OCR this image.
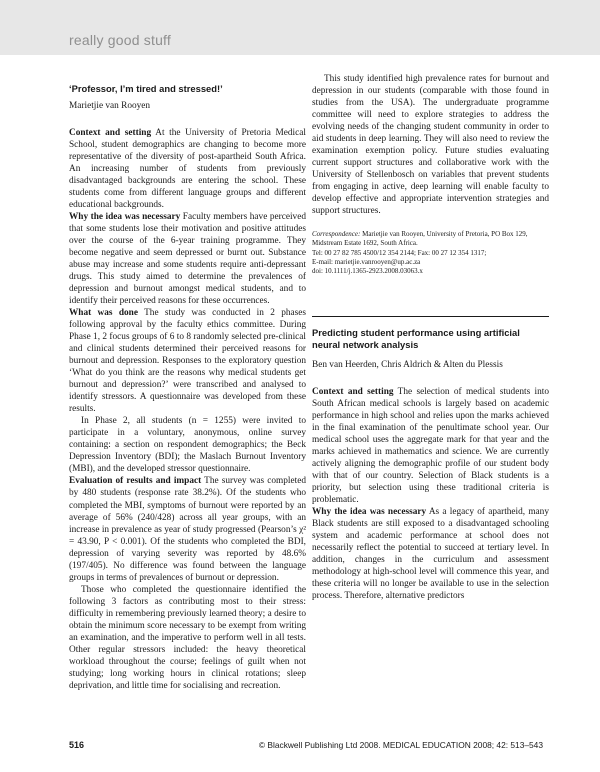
really good stuff
‘Professor, I’m tired and stressed!’
Marietjie van Rooyen

Context and setting At the University of Pretoria Medical School, student demographics are changing to become more representative of the diversity of post-apartheid South Africa. An increasing number of students from previously disadvantaged backgrounds are entering the school. These students come from different language groups and different educational backgrounds.

Why the idea was necessary Faculty members have perceived that some students lose their motivation and positive attitudes over the course of the 6-year training programme. They become negative and seem depressed or burnt out. Substance abuse may increase and some students require anti-depressant drugs. This study aimed to determine the prevalences of depression and burnout amongst medical students, and to identify their perceived reasons for these occurrences.

What was done The study was conducted in 2 phases following approval by the faculty ethics committee. During Phase 1, 2 focus groups of 6 to 8 randomly selected pre-clinical and clinical students determined their perceived reasons for burnout and depression. Responses to the exploratory question ‘What do you think are the reasons why medical students get burnout and depression?’ were transcribed and analysed to identify stressors. A questionnaire was developed from these results.

In Phase 2, all students (n = 1255) were invited to participate in a voluntary, anonymous, online survey containing: a section on respondent demographics; the Beck Depression Inventory (BDI); the Maslach Burnout Inventory (MBI), and the developed stressor questionnaire.

Evaluation of results and impact The survey was completed by 480 students (response rate 38.2%). Of the students who completed the MBI, symptoms of burnout were reported by an average of 56% (240/428) across all year groups, with an increase in prevalence as year of study progressed (Pearson’s χ² = 43.90, P < 0.001). Of the students who completed the BDI, depression of varying severity was reported by 48.6% (197/405). No difference was found between the language groups in terms of prevalences of burnout or depression.

Those who completed the questionnaire identified the following 3 factors as contributing most to their stress: difficulty in remembering previously learned theory; a desire to obtain the minimum score necessary to be exempt from writing an examination, and the imperative to perform well in all tests. Other regular stressors included: the heavy theoretical workload throughout the course; feelings of guilt when not studying; long working hours in clinical rotations; sleep deprivation, and little time for socialising and recreation.

This study identified high prevalence rates for burnout and depression in our students (comparable with those found in studies from the USA). The undergraduate programme committee will need to explore strategies to address the evolving needs of the changing student community in order to aid students in deep learning. They will also need to review the examination exemption policy. Future studies evaluating current support structures and collaborative work with the University of Stellenbosch on variables that prevent students from engaging in active, deep learning will enable faculty to develop effective and appropriate intervention strategies and support structures.

Correspondence: Marietjie van Rooyen, University of Pretoria, PO Box 129, Midstream Estate 1692, South Africa.
Tel: 00 27 82 785 4500/12 354 2144; Fax: 00 27 12 354 1317;
E-mail: marietjie.vanrooyen@up.ac.za
doi: 10.1111/j.1365-2923.2008.03063.x
Predicting student performance using artificial neural network analysis
Ben van Heerden, Chris Aldrich & Alten du Plessis

Context and setting The selection of medical students into South African medical schools is largely based on academic performance in high school and relies upon the marks achieved in the final examination of the penultimate school year. Our medical school uses the aggregate mark for that year and the marks achieved in mathematics and science. We are currently actively aligning the demographic profile of our student body with that of our country. Selection of Black students is a priority, but selection using these traditional criteria is problematic.

Why the idea was necessary As a legacy of apartheid, many Black students are still exposed to a disadvantaged schooling system and academic performance at school does not necessarily reflect the potential to succeed at tertiary level. In addition, changes in the curriculum and assessment methodology at high-school level will commence this year, and these criteria will no longer be available to use in the selection process. Therefore, alternative predictors

516	© Blackwell Publishing Ltd 2008. MEDICAL EDUCATION 2008; 42: 513–543
